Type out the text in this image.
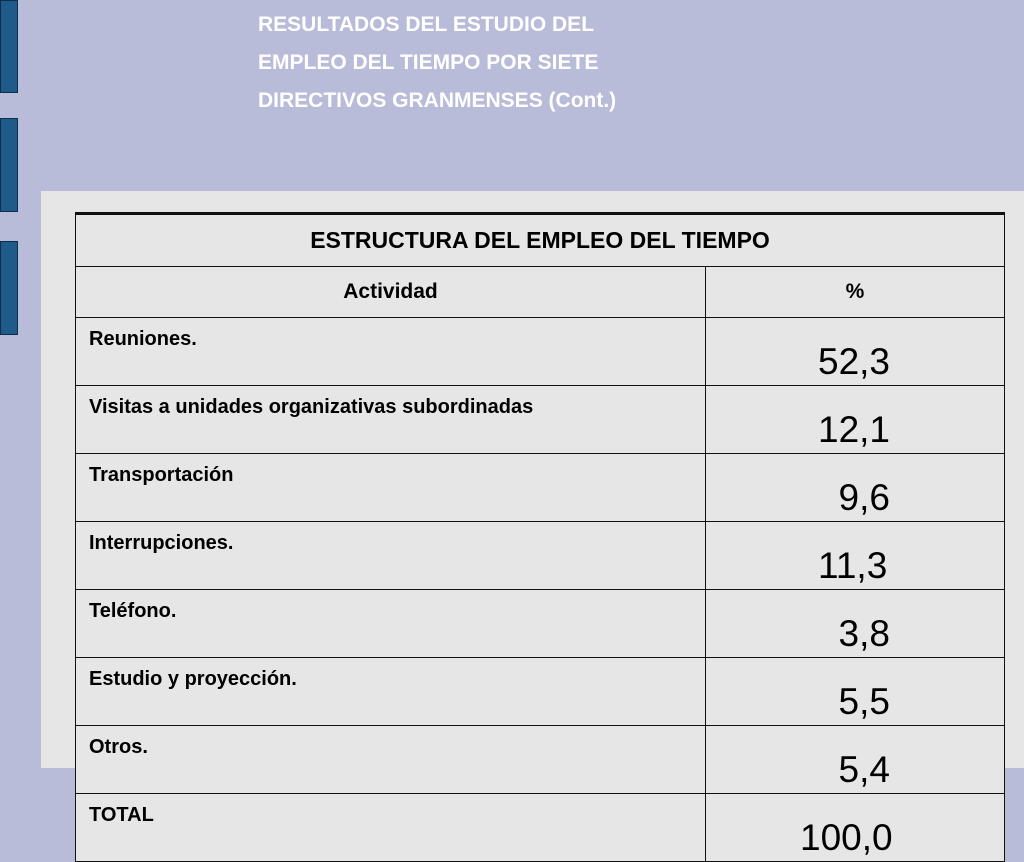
RESULTADOS DEL ESTUDIO DEL
EMPLEO DEL TIEMPO POR SIETE
DIRECTIVOS GRANMENSES (Cont.)
ESTRUCTURA DEL EMPLEO DEL TIEMPO	
Actividad	%
Reuniones.	52,3
Visitas a unidades organizativas subordinadas	12,1
Transportación	9,6
Interrupciones.	11,3
Teléfono.	3,8
Estudio y proyección.	5,5
Otros.	5,4
TOTAL	100,0
